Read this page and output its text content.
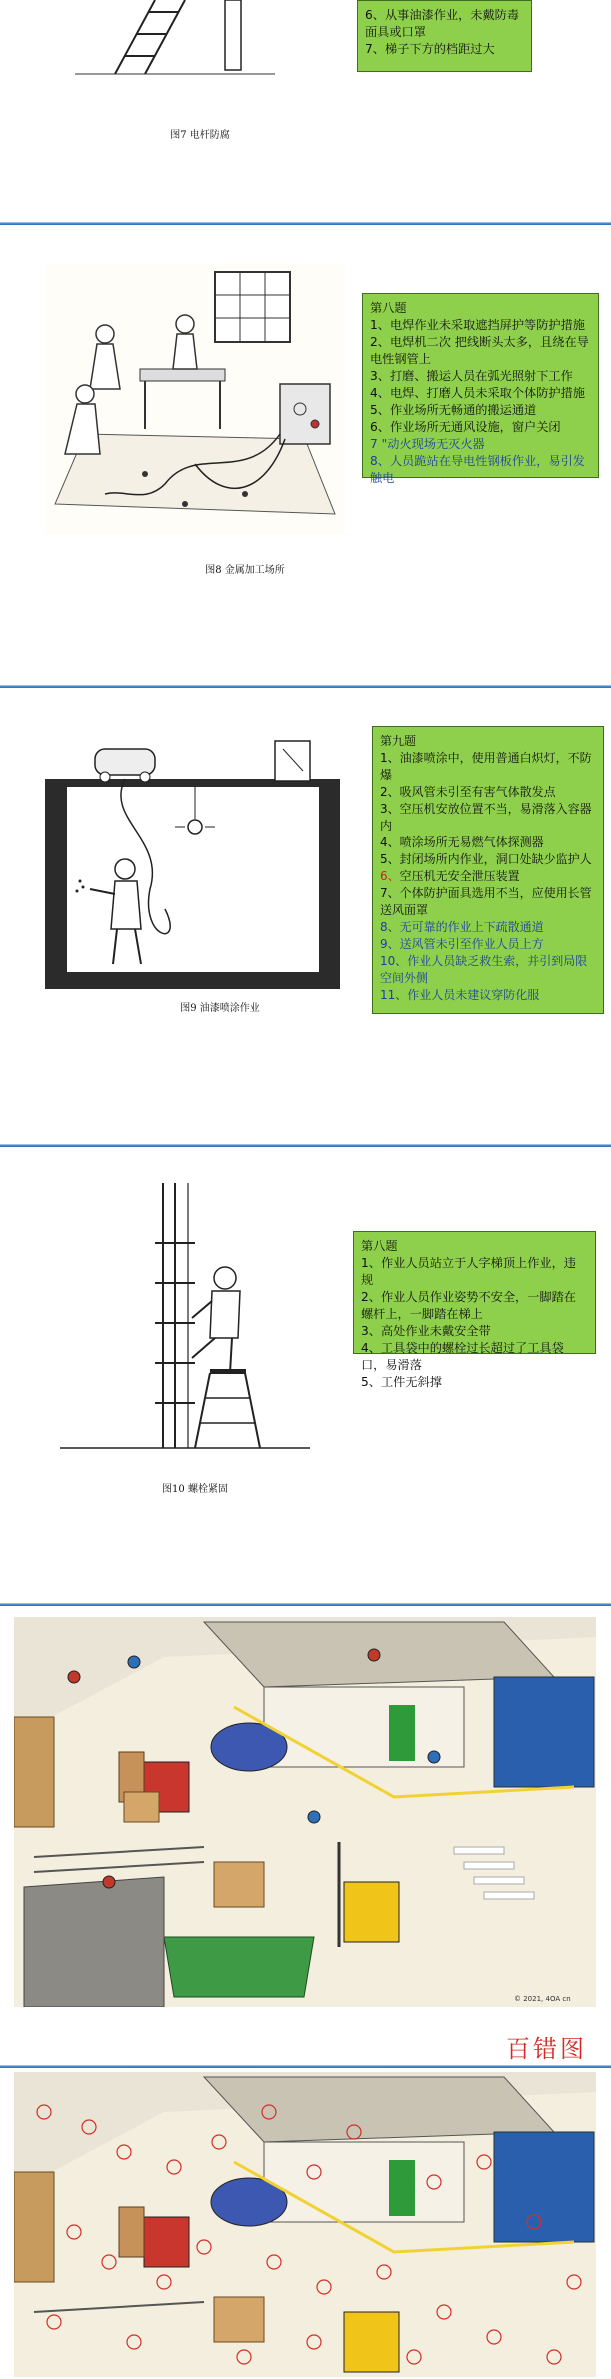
6、从事油漆作业，未戴防毒面具或口罩

7、梯子下方的档距过大

图7 电杆防腐

第八题

1、电焊作业未采取遮挡屏护等防护措施

2、电焊机二次 把线断头太多，且绕在导电性钢管上

3、打磨、搬运人员在弧光照射下工作

4、电焊、打磨人员未采取个体防护措施

5、作业场所无畅通的搬运通道

6、作业场所无通风设施，窗户关闭

7 "动火现场无灭火器

8、人员跪站在导电性钢板作业，易引发触电

图8 金属加工场所

第九题

1、油漆喷涂中，使用普通白炽灯，不防爆

2、吸风管未引至有害气体散发点

3、空压机安放位置不当，易滑落入容器内

4、喷涂场所无易燃气体探测器

5、封闭场所内作业，洞口处缺少监护人

6、空压机无安全泄压装置

7、个体防护面具选用不当，应使用长管送风面罩

8、无可靠的作业上下疏散通道

9、送风管未引至作业人员上方

10、作业人员缺乏救生索，并引到局限空间外侧

11、作业人员未建议穿防化服

图9 油漆喷涂作业

第八题

1、作业人员站立于人字梯顶上作业，违规

2、作业人员作业姿势不安全，一脚踏在螺杆上，一脚踏在梯上

3、高处作业未戴安全带

4、工具袋中的螺栓过长超过了工具袋口，易滑落

5、工件无斜撑

图10 螺栓紧固
© 2021, 4OA cn
百错图
